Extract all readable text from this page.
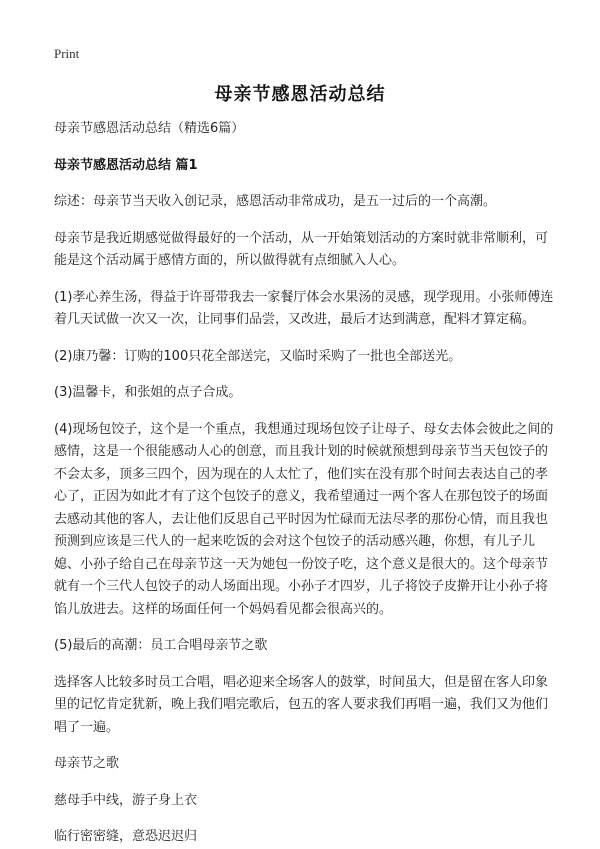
Print
母亲节感恩活动总结

母亲节感恩活动总结（精选6篇）

母亲节感恩活动总结 篇1

综述：母亲节当天收入创记录，感恩活动非常成功，是五一过后的一个高潮。

母亲节是我近期感觉做得最好的一个活动，从一开始策划活动的方案时就非常顺利，可能是这个活动属于感情方面的，所以做得就有点细腻入人心。

(1)孝心养生汤，得益于许哥带我去一家餐厅体会水果汤的灵感，现学现用。小张师傅连着几天试做一次又一次，让同事们品尝，又改进，最后才达到满意，配料才算定稿。

(2)康乃馨：订购的100只花全部送完，又临时采购了一批也全部送光。

(3)温馨卡，和张姐的点子合成。

(4)现场包饺子，这个是一个重点，我想通过现场包饺子让母子、母女去体会彼此之间的感情，这是一个很能感动人心的创意，而且我计划的时候就预想到母亲节当天包饺子的不会太多，顶多三四个，因为现在的人太忙了，他们实在没有那个时间去表达自己的孝心了，正因为如此才有了这个包饺子的意义，我希望通过一两个客人在那包饺子的场面去感动其他的客人，去让他们反思自己平时因为忙碌而无法尽孝的那份心情，而且我也预测到应该是三代人的一起来吃饭的会对这个包饺子的活动感兴趣，你想，有儿子儿媳、小孙子给自己在母亲节这一天为她包一份饺子吃，这个意义是很大的。这个母亲节就有一个三代人包饺子的动人场面出现。小孙子才四岁，儿子将饺子皮擀开让小孙子将馅儿放进去。这样的场面任何一个妈妈看见都会很高兴的。

(5)最后的高潮：员工合唱母亲节之歌

选择客人比较多时员工合唱，唱必迎来全场客人的鼓掌，时间虽大，但是留在客人印象里的记忆肯定犹新，晚上我们唱完歌后，包五的客人要求我们再唱一遍，我们又为他们唱了一遍。

母亲节之歌

慈母手中线，游子身上衣

临行密密缝，意恐迟迟归
